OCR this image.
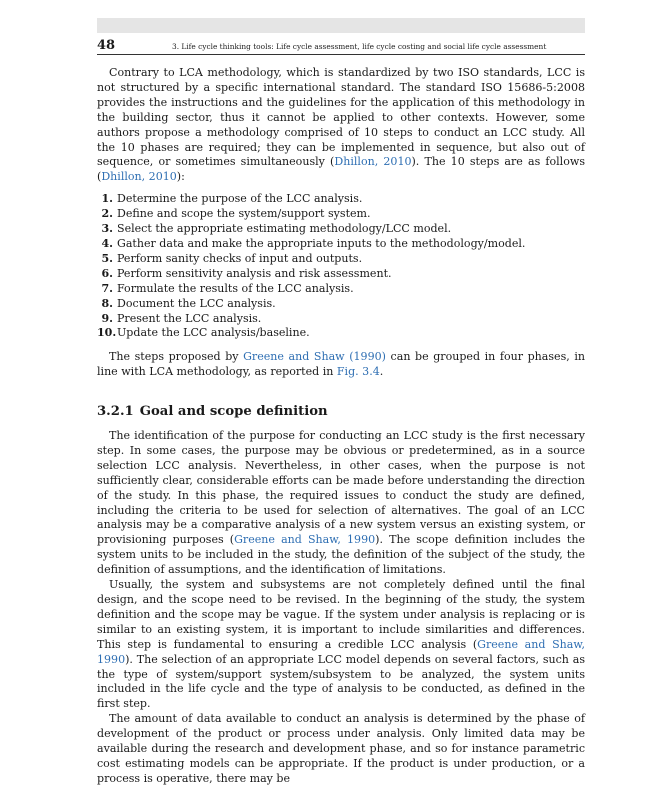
48	3. Life cycle thinking tools: Life cycle assessment, life cycle costing and social life cycle assessment

Contrary to LCA methodology, which is standardized by two ISO standards, LCC is not structured by a specific international standard. The standard ISO 15686-5:2008 provides the instructions and the guidelines for the application of this methodology in the building sector, thus it cannot be applied to other contexts. However, some authors propose a methodology comprised of 10 steps to conduct an LCC study. All the 10 phases are required; they can be implemented in sequence, but also out of sequence, or sometimes simultaneously (Dhillon, 2010). The 10 steps are as follows (Dhillon, 2010):

1. Determine the purpose of the LCC analysis.
2. Define and scope the system/support system.
3. Select the appropriate estimating methodology/LCC model.
4. Gather data and make the appropriate inputs to the methodology/model.
5. Perform sanity checks of input and outputs.
6. Perform sensitivity analysis and risk assessment.
7. Formulate the results of the LCC analysis.
8. Document the LCC analysis.
9. Present the LCC analysis.
10. Update the LCC analysis/baseline.

The steps proposed by Greene and Shaw (1990) can be grouped in four phases, in line with LCA methodology, as reported in Fig. 3.4.

3.2.1 Goal and scope definition

The identification of the purpose for conducting an LCC study is the first necessary step. In some cases, the purpose may be obvious or predetermined, as in a source selection LCC analysis. Nevertheless, in other cases, when the purpose is not sufficiently clear, considerable efforts can be made before understanding the direction of the study. In this phase, the required issues to conduct the study are defined, including the criteria to be used for selection of alternatives. The goal of an LCC analysis may be a comparative analysis of a new system versus an existing system, or provisioning purposes (Greene and Shaw, 1990). The scope definition includes the system units to be included in the study, the definition of the subject of the study, the definition of assumptions, and the identification of limitations.

Usually, the system and subsystems are not completely defined until the final design, and the scope need to be revised. In the beginning of the study, the system definition and the scope may be vague. If the system under analysis is replacing or is similar to an existing system, it is important to include similarities and differences. This step is fundamental to ensuring a credible LCC analysis (Greene and Shaw, 1990). The selection of an appropriate LCC model depends on several factors, such as the type of system/support system/subsystem to be analyzed, the system units included in the life cycle and the type of analysis to be conducted, as defined in the first step.

The amount of data available to conduct an analysis is determined by the phase of development of the product or process under analysis. Only limited data may be available during the research and development phase, and so for instance parametric cost estimating models can be appropriate. If the product is under production, or a process is operative, there may be
